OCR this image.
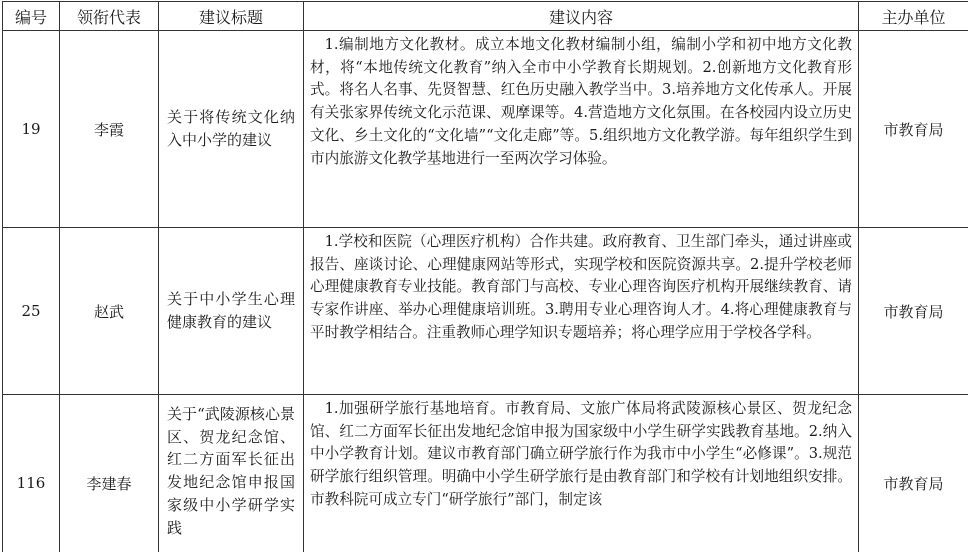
编号	领衔代表	建议标题	建议内容	主办单位
19	李霞	关于将传统文化纳入中小学的建议	1.编制地方文化教材。成立本地文化教材编制小组，编制小学和初中地方文化教材，将“本地传统文化教育”纳入全市中小学教育长期规划。2.创新地方文化教育形式。将名人名事、先贤智慧、红色历史融入教学当中。3.培养地方文化传承人。开展有关张家界传统文化示范课、观摩课等。4.营造地方文化氛围。在各校园内设立历史文化、乡土文化的“文化墙”“文化走廊”等。5.组织地方文化教学游。每年组织学生到市内旅游文化教学基地进行一至两次学习体验。	市教育局
25	赵武	关于中小学生心理健康教育的建议	1.学校和医院（心理医疗机构）合作共建。政府教育、卫生部门牵头，通过讲座或报告、座谈讨论、心理健康网站等形式，实现学校和医院资源共享。2.提升学校老师心理健康教育专业技能。教育部门与高校、专业心理咨询医疗机构开展继续教育、请专家作讲座、举办心理健康培训班。3.聘用专业心理咨询人才。4.将心理健康教育与平时教学相结合。注重教师心理学知识专题培养；将心理学应用于学校各学科。	市教育局
116	李建春	关于“武陵源核心景区、贺龙纪念馆、红二方面军长征出发地纪念馆申报国家级中小学研学实践	1.加强研学旅行基地培育。市教育局、文旅广体局将武陵源核心景区、贺龙纪念馆、红二方面军长征出发地纪念馆申报为国家级中小学生研学实践教育基地。2.纳入中小学教育计划。建议市教育部门确立研学旅行作为我市中小学生“必修课”。3.规范研学旅行组织管理。明确中小学生研学旅行是由教育部门和学校有计划地组织安排。市教科院可成立专门“研学旅行”部门，制定该	市教育局
